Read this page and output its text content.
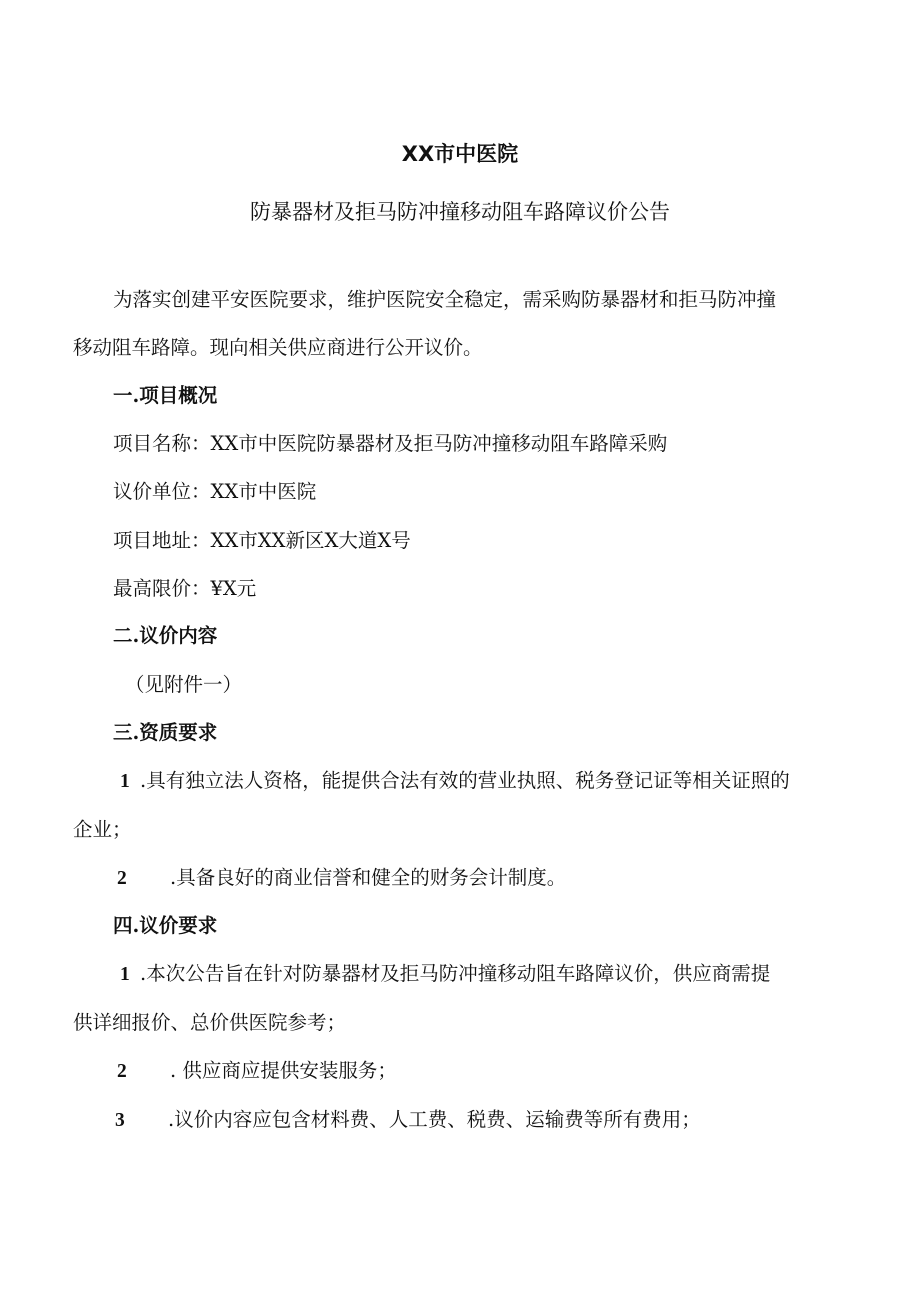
XX市中医院
防暴器材及拒马防冲撞移动阻车路障议价公告
为落实创建平安医院要求，维护医院安全稳定，需采购防暴器材和拒马防冲撞
移动阻车路障。现向相关供应商进行公开议价。
一.项目概况
项目名称：XX市中医院防暴器材及拒马防冲撞移动阻车路障采购
议价单位：XX市中医院
项目地址：XX市XX新区X大道X号
最高限价：¥X元
二.议价内容
（见附件一）
三.资质要求
1 .具有独立法人资格，能提供合法有效的营业执照、税务登记证等相关证照的
企业；
2 .具备良好的商业信誉和健全的财务会计制度。
四.议价要求
1 .本次公告旨在针对防暴器材及拒马防冲撞移动阻车路障议价，供应商需提
供详细报价、总价供医院参考；
2 . 供应商应提供安装服务；
3 .议价内容应包含材料费、人工费、税费、运输费等所有费用；
